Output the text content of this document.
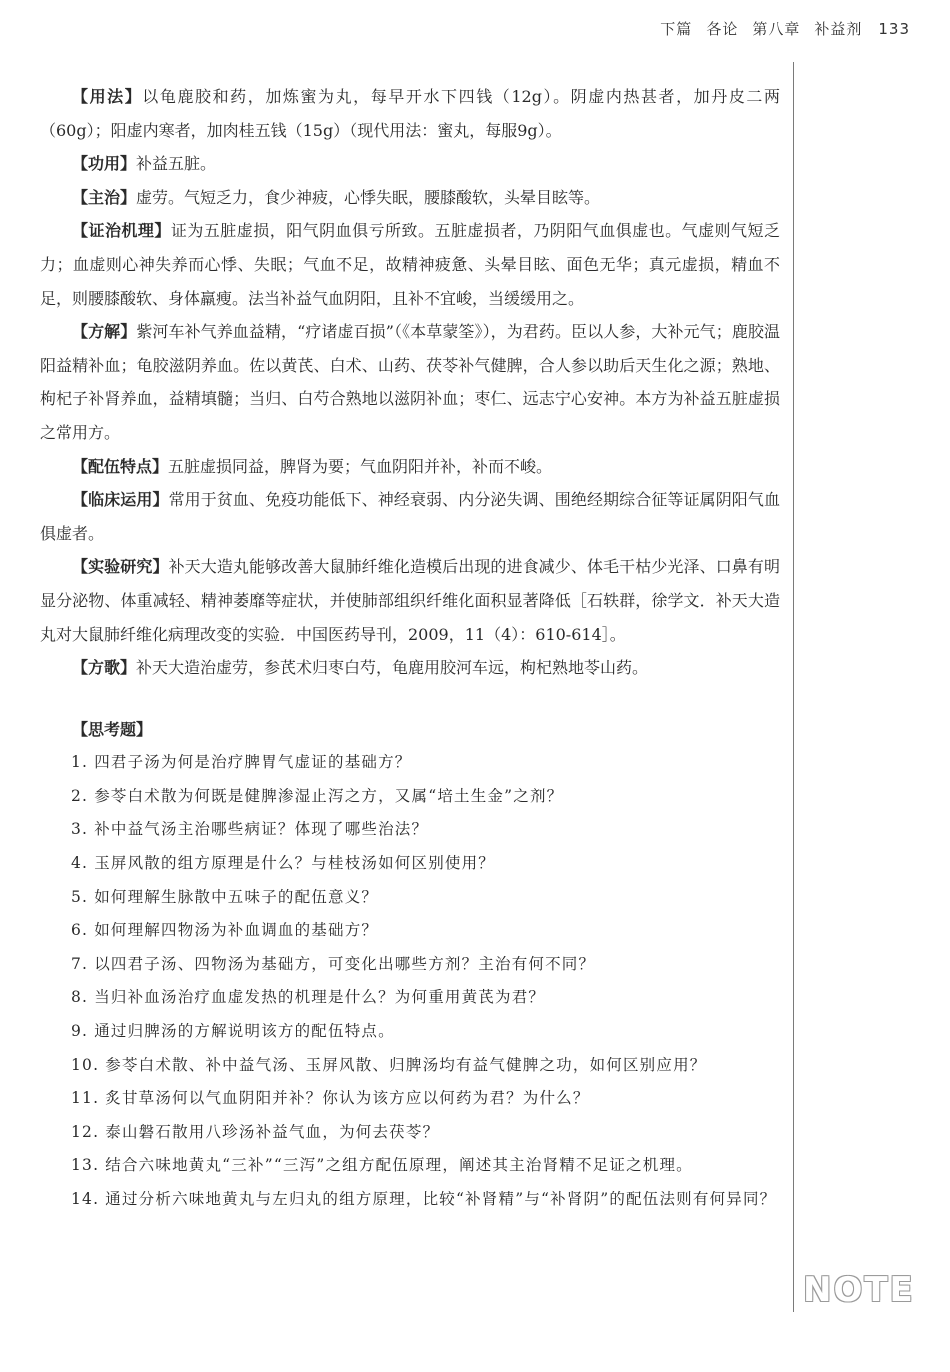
下篇 各论 第八章 补益剂 133

【用法】以龟鹿胶和药，加炼蜜为丸，每早开水下四钱（12g）。阴虚内热甚者，加丹皮二两（60g）；阳虚内寒者，加肉桂五钱（15g）（现代用法：蜜丸，每服9g）。

【功用】补益五脏。

【主治】虚劳。气短乏力，食少神疲，心悸失眠，腰膝酸软，头晕目眩等。

【证治机理】证为五脏虚损，阳气阴血俱亏所致。五脏虚损者，乃阴阳气血俱虚也。气虚则气短乏力；血虚则心神失养而心悸、失眠；气血不足，故精神疲惫、头晕目眩、面色无华；真元虚损，精血不足，则腰膝酸软、身体羸瘦。法当补益气血阴阳，且补不宜峻，当缓缓用之。

【方解】紫河车补气养血益精，“疗诸虚百损”（《本草蒙筌》），为君药。臣以人参，大补元气；鹿胶温阳益精补血；龟胶滋阴养血。佐以黄芪、白术、山药、茯苓补气健脾，合人参以助后天生化之源；熟地、枸杞子补肾养血，益精填髓；当归、白芍合熟地以滋阴补血；枣仁、远志宁心安神。本方为补益五脏虚损之常用方。

【配伍特点】五脏虚损同益，脾肾为要；气血阴阳并补，补而不峻。

【临床运用】常用于贫血、免疫功能低下、神经衰弱、内分泌失调、围绝经期综合征等证属阴阳气血俱虚者。

【实验研究】补天大造丸能够改善大鼠肺纤维化造模后出现的进食减少、体毛干枯少光泽、口鼻有明显分泌物、体重减轻、精神萎靡等症状，并使肺部组织纤维化面积显著降低［石轶群，徐学文．补天大造丸对大鼠肺纤维化病理改变的实验．中国医药导刊，2009，11（4）：610-614］。

【方歌】补天大造治虚劳，参芪术归枣白芍，龟鹿用胶河车远，枸杞熟地苓山药。

【思考题】

1. 四君子汤为何是治疗脾胃气虚证的基础方？
2. 参苓白术散为何既是健脾渗湿止泻之方，又属“培土生金”之剂？
3. 补中益气汤主治哪些病证？体现了哪些治法？
4. 玉屏风散的组方原理是什么？与桂枝汤如何区别使用？
5. 如何理解生脉散中五味子的配伍意义？
6. 如何理解四物汤为补血调血的基础方？
7. 以四君子汤、四物汤为基础方，可变化出哪些方剂？主治有何不同？
8. 当归补血汤治疗血虚发热的机理是什么？为何重用黄芪为君？
9. 通过归脾汤的方解说明该方的配伍特点。
10. 参苓白术散、补中益气汤、玉屏风散、归脾汤均有益气健脾之功，如何区别应用？
11. 炙甘草汤何以气血阴阳并补？你认为该方应以何药为君？为什么？
12. 泰山磐石散用八珍汤补益气血，为何去茯苓？
13. 结合六味地黄丸“三补”“三泻”之组方配伍原理，阐述其主治肾精不足证之机理。
14. 通过分析六味地黄丸与左归丸的组方原理，比较“补肾精”与“补肾阴”的配伍法则有何异同？
NOTE
